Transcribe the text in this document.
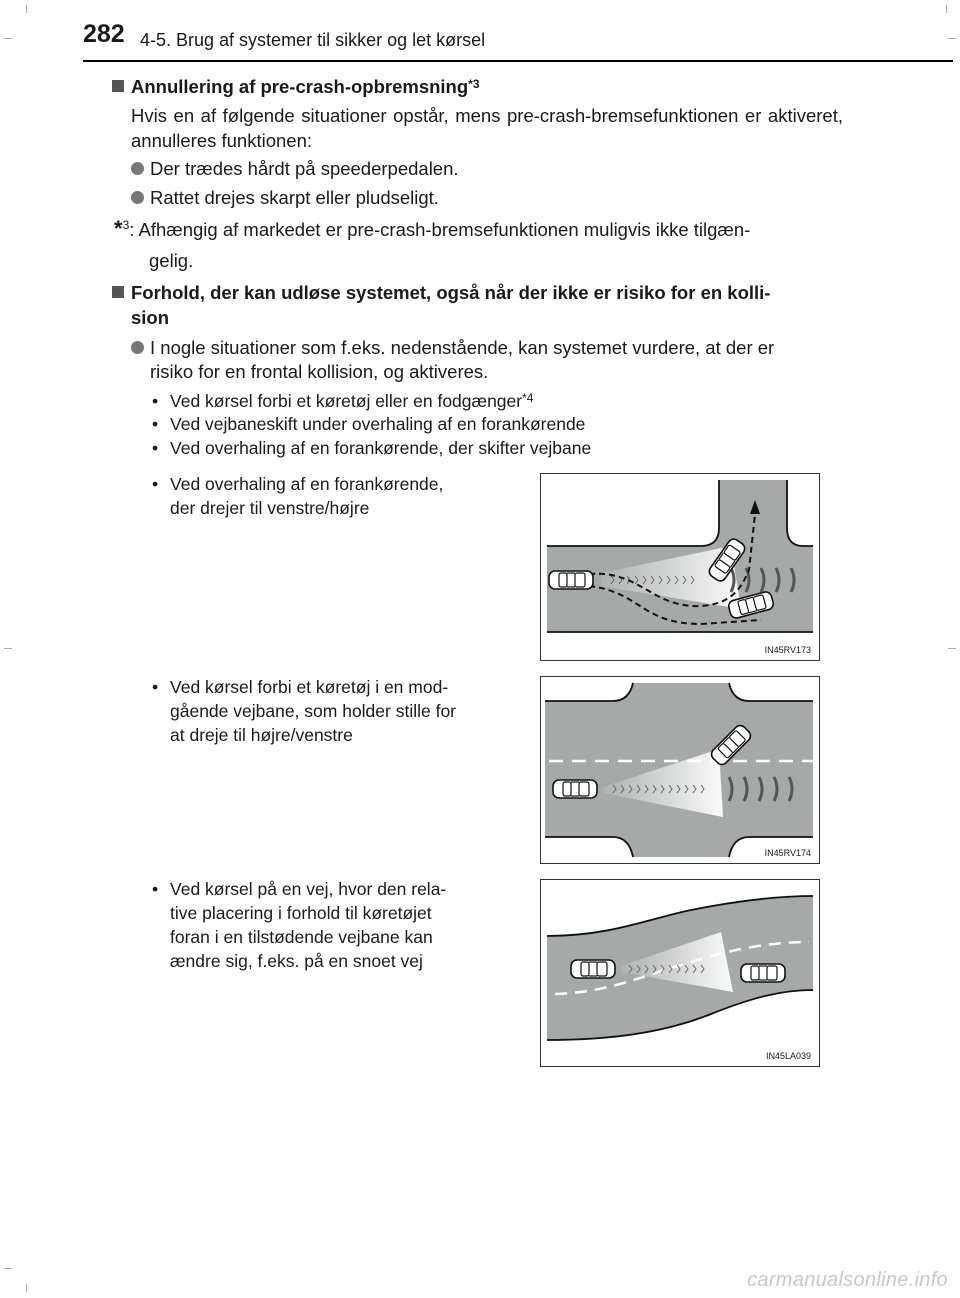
282 4-5. Brug af systemer til sikker og let kørsel
Annullering af pre-crash-opbremsning$^{*3}$
Hvis en af følgende situationer opstår, mens pre-crash-bremsefunktionen er aktiveret, annulleres funktionen:
Der trædes hårdt på speederpedalen.
Rattet drejes skarpt eller pludseligt.
*$^3$: Afhængig af markedet er pre-crash-bremsefunktionen muligvis ikke tilgæn-
gelig.
Forhold, der kan udløse systemet, også når der ikke er risiko for en kolli-
sion
I nogle situationer som f.eks. nedenstående, kan systemet vurdere, at der er
risiko for en frontal kollision, og aktiveres.
• Ved kørsel forbi et køretøj eller en fodgænger$^{*4}$
• Ved vejbaneskift under overhaling af en forankørende
• Ved overhaling af en forankørende, der skifter vejbane
• Ved overhaling af en forankørende,
der drejer til venstre/højre
• Ved kørsel forbi et køretøj i en mod-
gående vejbane, som holder stille for
at dreje til højre/venstre
• Ved kørsel på en vej, hvor den rela-
tive placering i forhold til køretøjet
foran i en tilstødende vejbane kan
ændre sig, f.eks. på en snoet vej
IN45RV173
IN45RV174
IN45LA039
carmanualsonline.info
